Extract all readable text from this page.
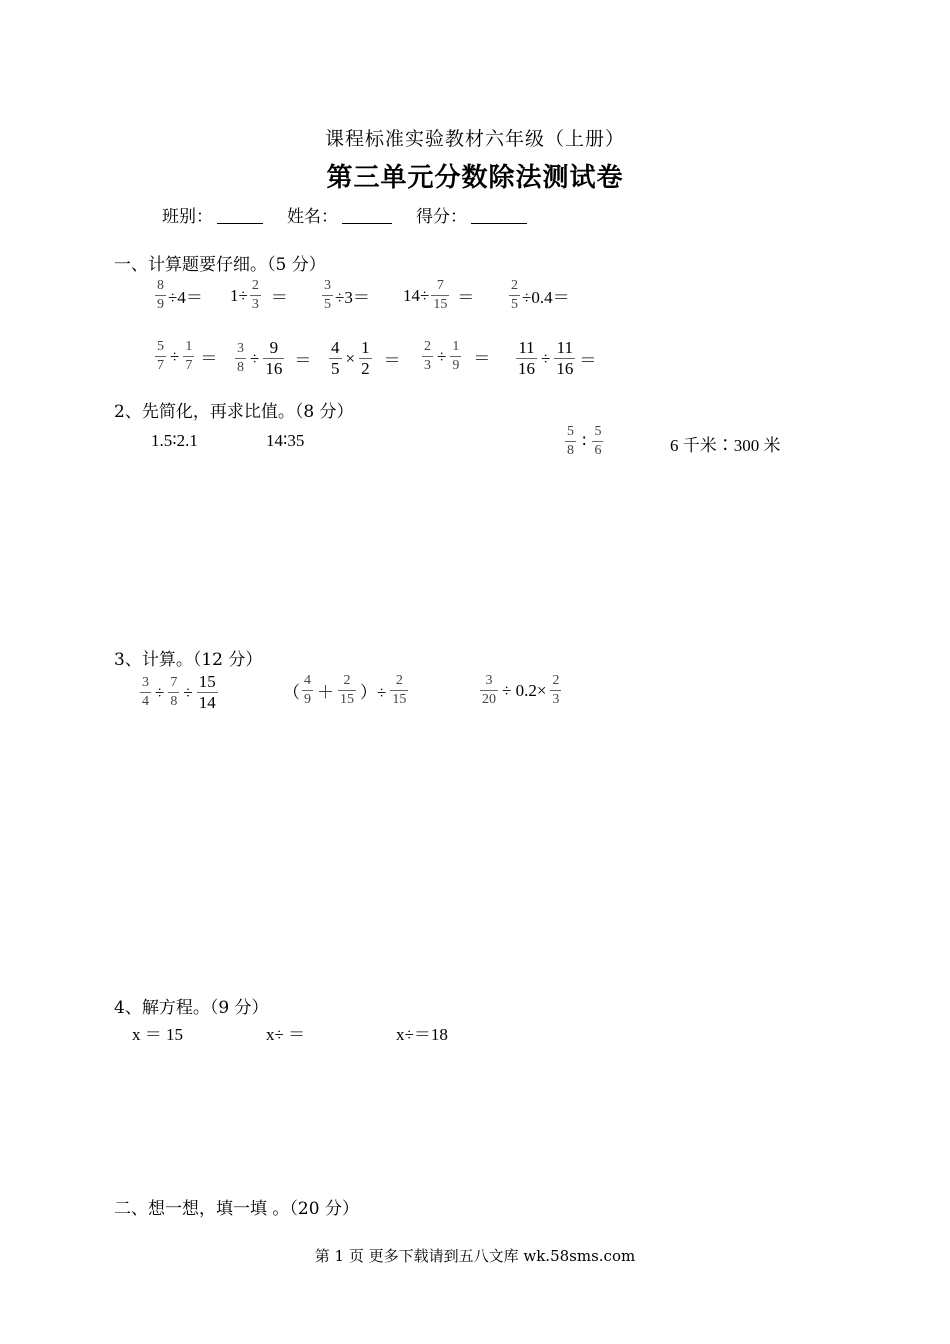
课程标准实验教材六年级（上册）
第三单元分数除法测试卷
班别：	姓名：	得分：
一、计算题要仔细。（5 分）
$\frac{8}{9} \div 4= 1\div \frac{2}{3} = \frac{3}{5} \div 3= 14\div \frac{7}{15} = \frac{2}{5} \div 0.4=$
$\frac{5}{7} \div \frac{1}{7} = \frac{3}{8} \div \frac{9}{16} = \frac{4}{5} \times \frac{1}{2} = \frac{2}{3} \div \frac{1}{9} = \frac{11}{16} \div \frac{11}{16}$ ＝
2、先简化，再求比值。（8 分）
1.5∶2.1	14∶35	$\frac{5}{8}$ ∶ $\frac{5}{6}$	6 千米∶300 米
3、计算。（12 分）
$\frac{3}{4} \div \frac{7}{8} \div \frac{15}{14}$	（ $\frac{4}{9} + \frac{2}{15}$ ）÷ $\frac{2}{15}$	$\frac{3}{20} \div 0.2\times \frac{2}{3}$
4、解方程。（9 分）
x ＝ 15	x÷ ＝	x÷＝18
二、想一想，填一填 。（20 分）
第 1 页 更多下载请到五八文库 wk.58sms.com
